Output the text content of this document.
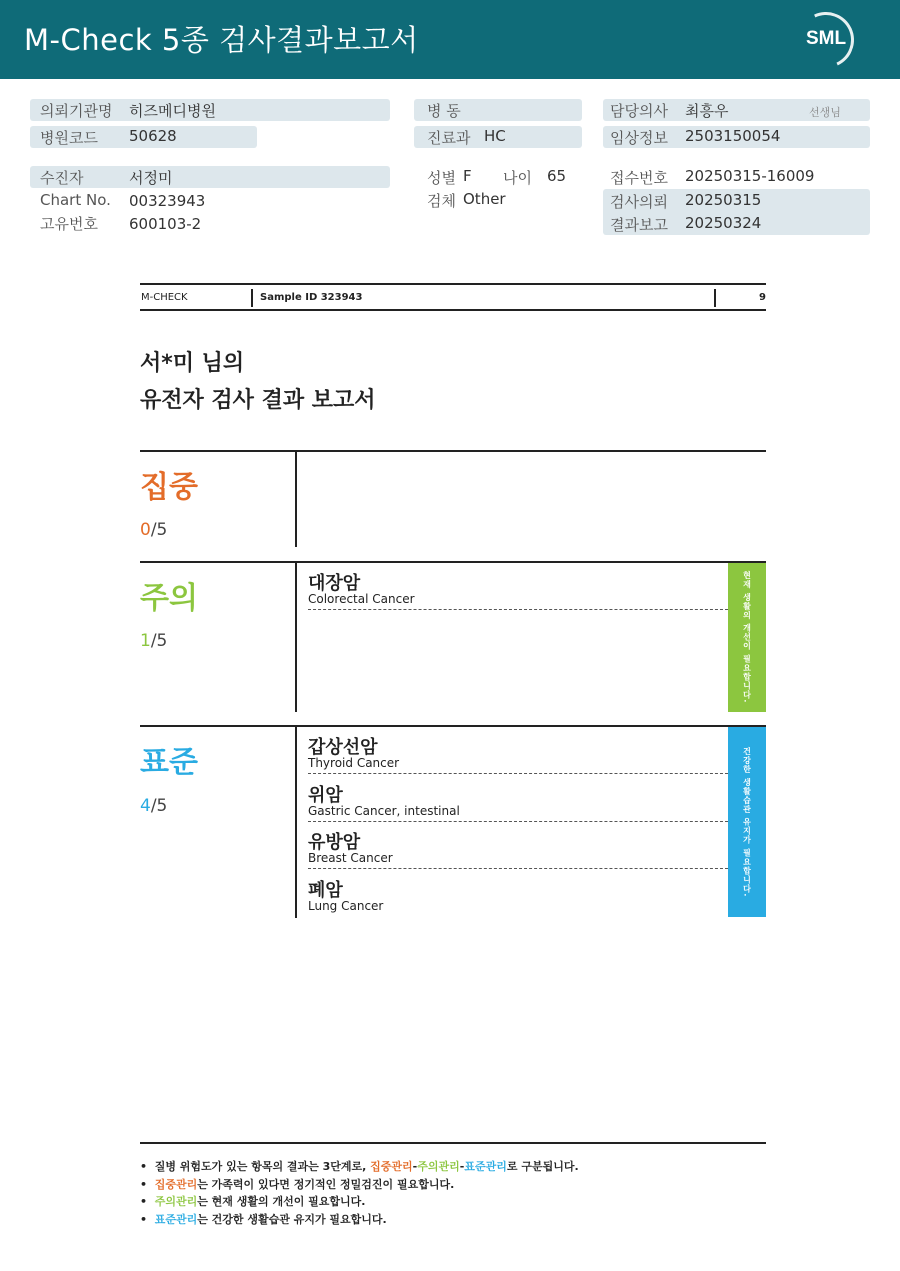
M-Check 5종 검사결과보고서	SML
의뢰기관명 히즈메디병원
병원코드 50628
병 동
진료과 HC
담당의사 최흥우	선생님
임상정보 2503150054
수진자	서정미
Chart No. 00323943
고유번호 600103-2
성별 F 나이 65
검체 Other
접수번호 20250315-16009
검사의뢰 20250315
결과보고 20250324
M-CHECK	Sample ID 323943	9
서*미 님의
유전자 검사 결과 보고서
집중
0/5
주의
1/5
대장암
Colorectal Cancer	현재 생활의 개선이 필요합니다.
표준
4/5
갑상선암
Thyroid Cancer
위암
Gastric Cancer, intestinal
유방암
Breast Cancer
폐암
Lung Cancer
건강한 생활습관 유지가 필요합니다.
•  질병 위험도가 있는 항목의 결과는 3단계로, 집중관리-주의관리-표준관리로 구분됩니다.
•  집중관리는 가족력이 있다면 정기적인 정밀검진이 필요합니다.
•  주의관리는 현재 생활의 개선이 필요합니다.
•  표준관리는 건강한 생활습관 유지가 필요합니다.
